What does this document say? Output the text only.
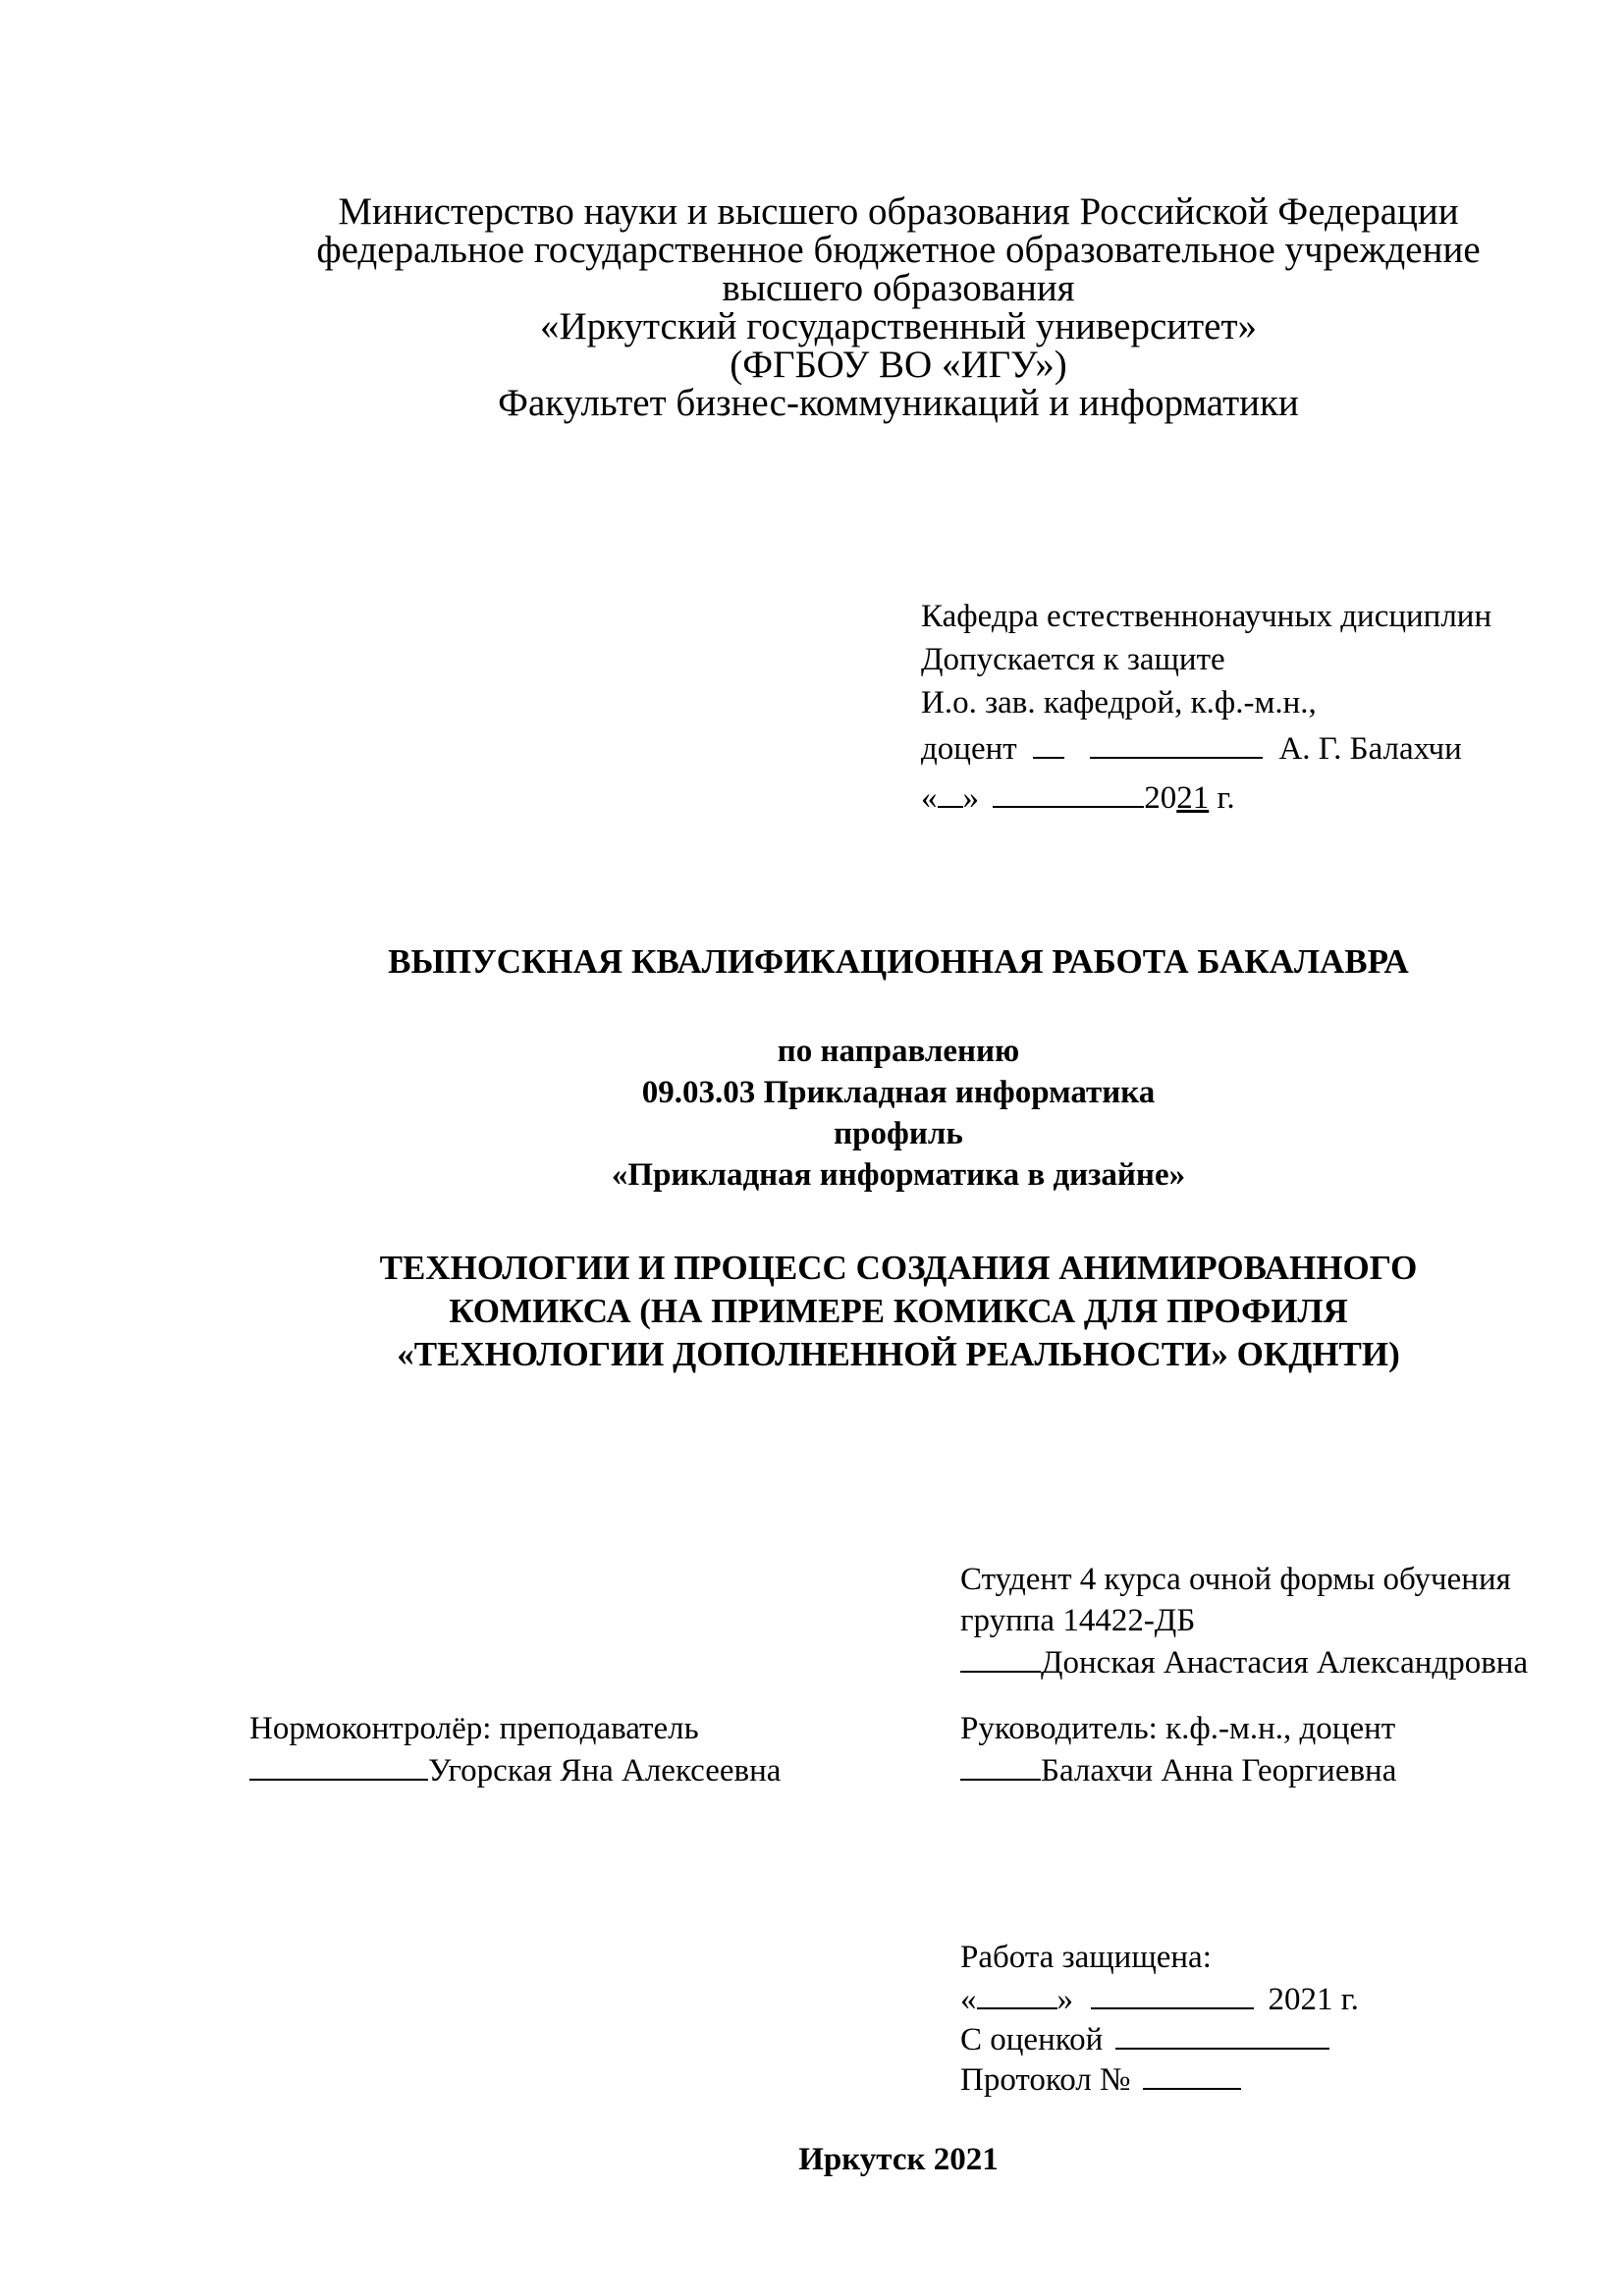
Министерство науки и высшего образования Российской Федерации
федеральное государственное бюджетное образовательное учреждение
высшего образования
«Иркутский государственный университет»
(ФГБОУ ВО «ИГУ»)
Факультет бизнес-коммуникаций и информатики
Кафедра естественнонаучных дисциплин
Допускается к защите
И.о. зав. кафедрой, к.ф.-м.н.,
доцент	А. Г. Балахчи
« »	2021 г.
ВЫПУСКНАЯ КВАЛИФИКАЦИОННАЯ РАБОТА БАКАЛАВРА
по направлению
09.03.03 Прикладная информатика
профиль
«Прикладная информатика в дизайне»
ТЕХНОЛОГИИ И ПРОЦЕСС СОЗДАНИЯ АНИМИРОВАННОГО
КОМИКСА (НА ПРИМЕРЕ КОМИКСА ДЛЯ ПРОФИЛЯ
«ТЕХНОЛОГИИ ДОПОЛНЕННОЙ РЕАЛЬНОСТИ» ОКДНТИ)
Студент 4 курса очной формы обучения
группа 14422-ДБ
Донская Анастасия Александровна
Нормоконтролёр: преподаватель
Угорская Яна Алексеевна
Руководитель: к.ф.-м.н., доцент
Балахчи Анна Георгиевна
Работа защищена:
« »	2021 г.
С оценкой
Протокол №
Иркутск 2021
